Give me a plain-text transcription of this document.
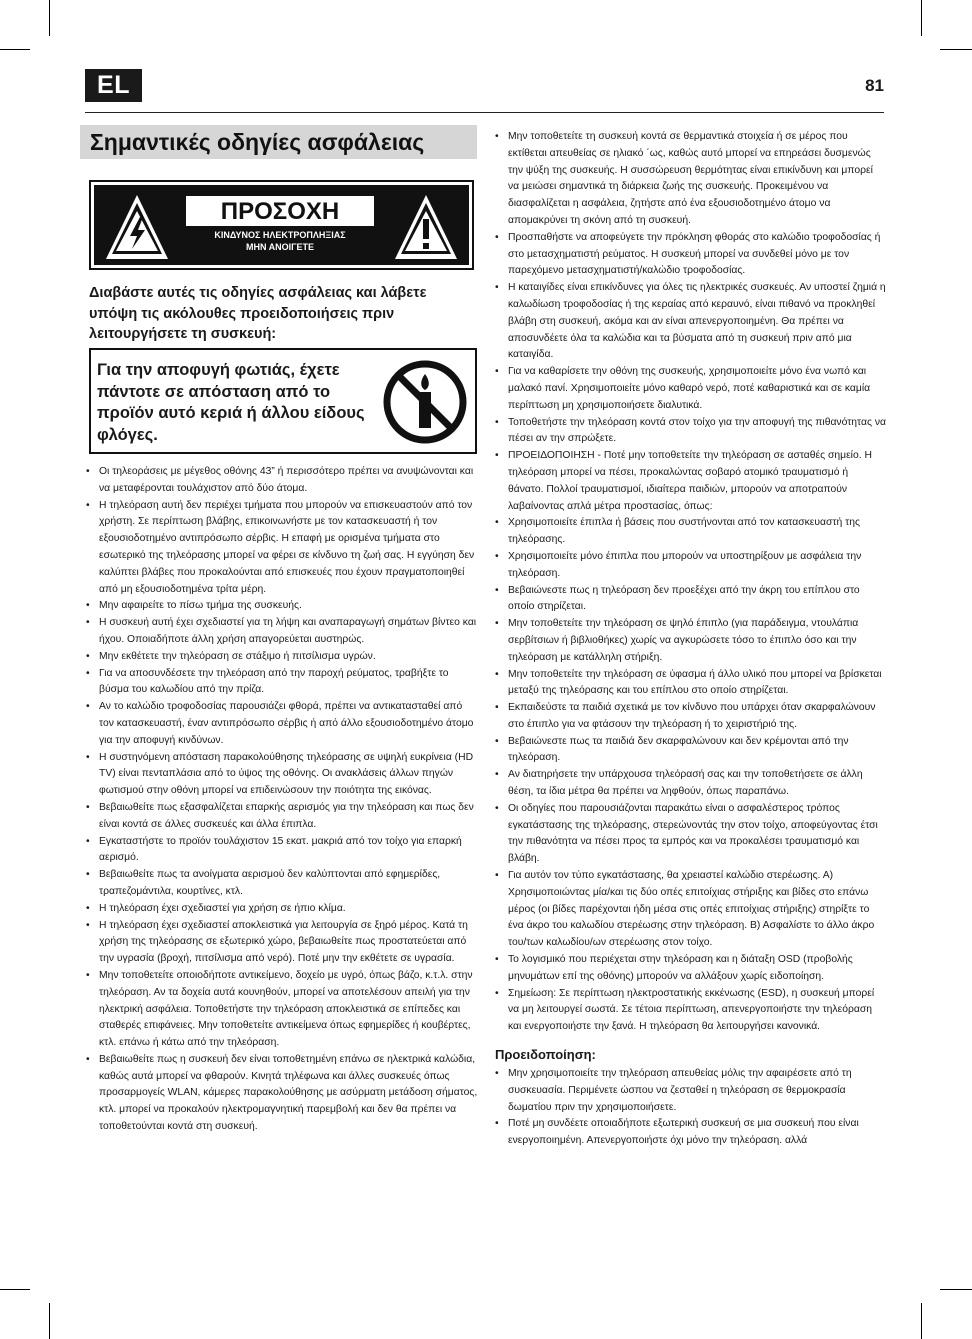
EL	81
Σημαντικές οδηγίες ασφάλειας
ΠΡΟΣΟΧΗ
ΚΙΝΔΥΝΟΣ ΗΛΕΚΤΡΟΠΛΗΞΙΑΣ
ΜΗΝ ΑΝΟΙΓΕΤΕ
Διαβάστε αυτές τις οδηγίες ασφάλειας και λάβετε υπόψη τις ακόλουθες προειδοποιήσεις πριν λειτουργήσετε τη συσκευή:
Για την αποφυγή φωτιάς, έχετε πάντοτε σε απόσταση από το προϊόν αυτό κεριά ή άλλου είδους φλόγες.
• Οι τηλεοράσεις με μέγεθος οθόνης 43” ή περισσότερο πρέπει να ανυψώνονται και να μεταφέρονται τουλάχιστον από δύο άτομα.
• Η τηλεόραση αυτή δεν περιέχει τμήματα που μπορούν να επισκευαστούν από τον χρήστη. Σε περίπτωση βλάβης, επικοινωνήστε με τον κατασκευαστή ή τον εξουσιοδοτημένο αντιπρόσωπο σέρβις. Η επαφή με ορισμένα τμήματα στο εσωτερικό της τηλεόρασης μπορεί να φέρει σε κίνδυνο τη ζωή σας. Η εγγύηση δεν καλύπτει βλάβες που προκαλούνται από επισκευές που έχουν πραγματοποιηθεί από μη εξουσιοδοτημένα τρίτα μέρη.
• Μην αφαιρείτε το πίσω τμήμα της συσκευής.
• Η συσκευή αυτή έχει σχεδιαστεί για τη λήψη και αναπαραγωγή σημάτων βίντεο και ήχου. Οποιαδήποτε άλλη χρήση απαγορεύεται αυστηρώς.
• Μην εκθέτετε την τηλεόραση σε στάξιμο ή πιτσίλισμα υγρών.
• Για να αποσυνδέσετε την τηλεόραση από την παροχή ρεύματος, τραβήξτε το βύσμα του καλωδίου από την πρίζα.
• Αν το καλώδιο τροφοδοσίας παρουσιάζει φθορά, πρέπει να αντικατασταθεί από τον κατασκευαστή, έναν αντιπρόσωπο σέρβις ή από άλλο εξουσιοδοτημένο άτομο για την αποφυγή κινδύνων.
• Η συστηνόμενη απόσταση παρακολούθησης τηλεόρασης σε υψηλή ευκρίνεια (HD TV) είναι πενταπλάσια από το ύψος της οθόνης. Οι ανακλάσεις άλλων πηγών φωτισμού στην οθόνη μπορεί να επιδεινώσουν την ποιότητα της εικόνας.
• Βεβαιωθείτε πως εξασφαλίζεται επαρκής αερισμός για την τηλεόραση και πως δεν είναι κοντά σε άλλες συσκευές και άλλα έπιπλα.
• Εγκαταστήστε το προϊόν τουλάχιστον 15 εκατ. μακριά από τον τοίχο για επαρκή αερισμό.
• Βεβαιωθείτε πως τα ανοίγματα αερισμού δεν καλύπτονται από εφημερίδες, τραπεζομάντιλα, κουρτίνες, κτλ.
• Η τηλεόραση έχει σχεδιαστεί για χρήση σε ήπιο κλίμα.
• Η τηλεόραση έχει σχεδιαστεί αποκλειστικά για λειτουργία σε ξηρό μέρος. Κατά τη χρήση της τηλεόρασης σε εξωτερικό χώρο, βεβαιωθείτε πως προστατεύεται από την υγρασία (βροχή, πιτσίλισμα από νερό). Ποτέ μην την εκθέτετε σε υγρασία.
• Μην τοποθετείτε οποιοδήποτε αντικείμενο, δοχείο με υγρό, όπως βάζο, κ.τ.λ. στην τηλεόραση. Αν τα δοχεία αυτά κουνηθούν, μπορεί να αποτελέσουν απειλή για την ηλεκτρική ασφάλεια. Τοποθετήστε την τηλεόραση αποκλειστικά σε επίπεδες και σταθερές επιφάνειες. Μην τοποθετείτε αντικείμενα όπως εφημερίδες ή κουβέρτες, κτλ. επάνω ή κάτω από την τηλεόραση.
• Βεβαιωθείτε πως η συσκευή δεν είναι τοποθετημένη επάνω σε ηλεκτρικά καλώδια, καθώς αυτά μπορεί να φθαρούν. Κινητά τηλέφωνα και άλλες συσκευές όπως προσαρμογείς WLAN, κάμερες παρακολούθησης με ασύρματη μετάδοση σήματος, κτλ. μπορεί να προκαλούν ηλεκτρομαγνητική παρεμβολή και δεν θα πρέπει να τοποθετούνται κοντά στη συσκευή.
• Μην τοποθετείτε τη συσκευή κοντά σε θερμαντικά στοιχεία ή σε μέρος που εκτίθεται απευθείας σε ηλιακό ΄ως, καθώς αυτό μπορεί να επηρεάσει δυσμενώς την ψύξη της συσκευής. Η συσσώρευση θερμότητας είναι επικίνδυνη και μπορεί να μειώσει σημαντικά τη διάρκεια ζωής της συσκευής. Προκειμένου να διασφαλίζεται η ασφάλεια, ζητήστε από ένα εξουσιοδοτημένο άτομο να απομακρύνει τη σκόνη από τη συσκευή.
• Προσπαθήστε να αποφεύγετε την πρόκληση φθοράς στο καλώδιο τροφοδοσίας ή στο μετασχηματιστή ρεύματος. Η συσκευή μπορεί να συνδεθεί μόνο με τον παρεχόμενο μετασχηματιστή/καλώδιο τροφοδοσίας.
• Η καταιγίδες είναι επικίνδυνες για όλες τις ηλεκτρικές συσκευές. Αν υποστεί ζημιά η καλωδίωση τροφοδοσίας ή της κεραίας από κεραυνό, είναι πιθανό να προκληθεί βλάβη στη συσκευή, ακόμα και αν είναι απενεργοποιημένη. Θα πρέπει να αποσυνδέετε όλα τα καλώδια και τα βύσματα από τη συσκευή πριν από μια καταιγίδα.
• Για να καθαρίσετε την οθόνη της συσκευής, χρησιμοποιείτε μόνο ένα νωπό και μαλακό πανί. Χρησιμοποιείτε μόνο καθαρό νερό, ποτέ καθαριστικά και σε καμία περίπτωση μη χρησιμοποιήσετε διαλυτικά.
• Τοποθετήστε την τηλεόραση κοντά στον τοίχο για την αποφυγή της πιθανότητας να πέσει αν την σπρώξετε.
• ΠΡΟΕΙΔΟΠΟΙΗΣΗ - Ποτέ μην τοποθετείτε την τηλεόραση σε ασταθές σημείο. Η τηλεόραση μπορεί να πέσει, προκαλώντας σοβαρό ατομικό τραυματισμό ή θάνατο. Πολλοί τραυματισμοί, ιδιαίτερα παιδιών, μπορούν να αποτραπούν λαβαίνοντας απλά μέτρα προστασίας, όπως:
• Χρησιμοποιείτε έπιπλα ή βάσεις που συστήνονται από τον κατασκευαστή της τηλεόρασης.
• Χρησιμοποιείτε μόνο έπιπλα που μπορούν να υποστηρίξουν με ασφάλεια την τηλεόραση.
• Βεβαιώνεστε πως η τηλεόραση δεν προεξέχει από την άκρη του επίπλου στο οποίο στηρίζεται.
• Μην τοποθετείτε την τηλεόραση σε ψηλό έπιπλο (για παράδειγμα, ντουλάπια σερβίτσιων ή βιβλιοθήκες) χωρίς να αγκυρώσετε τόσο το έπιπλο όσο και την τηλεόραση με κατάλληλη στήριξη.
• Μην τοποθετείτε την τηλεόραση σε ύφασμα ή άλλο υλικό που μπορεί να βρίσκεται μεταξύ της τηλεόρασης και του επίπλου στο οποίο στηρίζεται.
• Εκπαιδεύστε τα παιδιά σχετικά με τον κίνδυνο που υπάρχει όταν σκαρφαλώνουν στο έπιπλο για να φτάσουν την τηλεόραση ή το χειριστήριό της.
• Βεβαιώνεστε πως τα παιδιά δεν σκαρφαλώνουν και δεν κρέμονται από την τηλεόραση.
• Αν διατηρήσετε την υπάρχουσα τηλεόρασή σας και την τοποθετήσετε σε άλλη θέση, τα ίδια μέτρα θα πρέπει να ληφθούν, όπως παραπάνω.
• Οι οδηγίες που παρουσιάζονται παρακάτω είναι ο ασφαλέστερος τρόπος εγκατάστασης της τηλεόρασης, στερεώνοντάς την στον τοίχο, αποφεύγοντας έτσι την πιθανότητα να πέσει προς τα εμπρός και να προκαλέσει τραυματισμό και βλάβη.
• Για αυτόν τον τύπο εγκατάστασης, θα χρειαστεί καλώδιο στερέωσης. Α) Χρησιμοποιώντας μία/και τις δύο οπές επιτοίχιας στήριξης και βίδες στο επάνω μέρος (οι βίδες παρέχονται ήδη μέσα στις οπές επιτοίχιας στήριξης) στηρίξτε το ένα άκρο του καλωδίου στερέωσης στην τηλεόραση. Β) Ασφαλίστε το άλλο άκρο του/των καλωδίου/ων στερέωσης στον τοίχο.
• Το λογισμικό που περιέχεται στην τηλεόραση και η διάταξη OSD (προβολής μηνυμάτων επί της οθόνης) μπορούν να αλλάξουν χωρίς ειδοποίηση.
• Σημείωση: Σε περίπτωση ηλεκτροστατικής εκκένωσης (ESD), η συσκευή μπορεί να μη λειτουργεί σωστά. Σε τέτοια περίπτωση, απενεργοποιήστε την τηλεόραση και ενεργοποιήστε την ξανά. Η τηλεόραση θα λειτουργήσει κανονικά.
Προειδοποίηση:
• Μην χρησιμοποιείτε την τηλεόραση απευθείας μόλις την αφαιρέσετε από τη συσκευασία. Περιμένετε ώσπου να ζεσταθεί η τηλεόραση σε θερμοκρασία δωματίου πριν την χρησιμοποιήσετε.
• Ποτέ μη συνδέετε οποιαδήποτε εξωτερική συσκευή σε μια συσκευή που είναι ενεργοποιημένη. Απενεργοποιήστε όχι μόνο την τηλεόραση. αλλά
